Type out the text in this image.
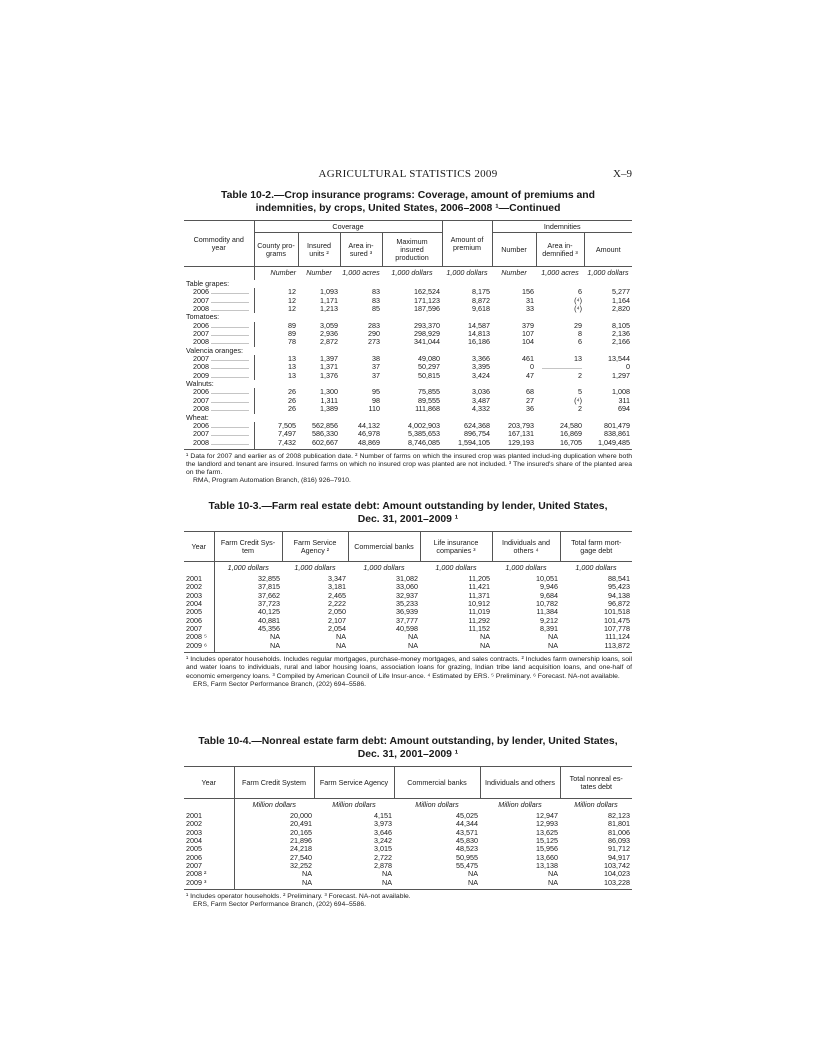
AGRICULTURAL STATISTICS 2009	X–9
Table 10-2.—Crop insurance programs: Coverage, amount of premiums and
indemnities, by crops, United States, 2006–2008 ¹—Continued
Commodity and year	Coverage				Amount of premium	Indemnities		
	County pro- grams	Insured units ²	Area in- sured ³	Maximum insured production		Number	Area in- demnified ³	Amount
	Number	Number	1,000 acres	1,000 dollars	1,000 dollars	Number	1,000 acres	1,000 dollars
Table grapes:								
2006 ...................	12	1,093	83	162,524	8,175	156	6	5,277
2007 ...................	12	1,171	83	171,123	8,872	31	(⁴)	1,164
2008 ...................	12	1,213	85	187,596	9,618	33	(⁴)	2,820
Tomatoes:								
2006 ...................	89	3,059	283	293,370	14,587	379	29	8,105
2007 ...................	89	2,936	290	298,929	14,813	107	8	2,136
2008 ...................	78	2,872	273	341,044	16,186	104	6	2,166
Valencia oranges:								
2007 ...................	13	1,397	38	49,080	3,366	461	13	13,544
2008 ...................	13	1,371	37	50,297	3,395	0	....................	0
2009 ...................	13	1,376	37	50,815	3,424	47	2	1,297
Walnuts:								
2006 ...................	26	1,300	95	75,855	3,036	68	5	1,008
2007 ...................	26	1,311	98	89,555	3,487	27	(⁴)	311
2008 ...................	26	1,389	110	111,868	4,332	36	2	694
Wheat:								
2006 ...................	7,505	562,856	44,132	4,002,903	624,368	203,793	24,580	801,479
2007 ...................	7,497	586,330	46,978	5,385,653	896,754	167,131	16,869	838,861
2008 ...................	7,432	602,667	48,869	8,746,085	1,594,105	129,193	16,705	1,049,485

¹ Data for 2007 and earlier as of 2008 publication date. ² Number of farms on which the insured crop was planted includ-ing duplication where both the landlord and tenant are insured. Insured farms on which no insured crop was planted are not included. ³ The insured's share of the planted area on the farm.

RMA, Program Automation Branch, (816) 926–7910.

Table 10-3.—Farm real estate debt: Amount outstanding by lender, United States,
Dec. 31, 2001–2009 ¹
Year	Farm Credit Sys- tem	Farm Service Agency ²	Commercial banks	Life insurance companies ³	Individuals and others ⁴	Total farm mort- gage debt
	1,000 dollars	1,000 dollars	1,000 dollars	1,000 dollars	1,000 dollars	1,000 dollars
2001	32,855	3,347	31,082	11,205	10,051	88,541
2002	37,815	3,181	33,060	11,421	9,946	95,423
2003	37,662	2,465	32,937	11,371	9,684	94,138
2004	37,723	2,222	35,233	10,912	10,782	96,872
2005	40,125	2,050	36,939	11,019	11,384	101,518
2006	40,881	2,107	37,777	11,292	9,212	101,475
2007	45,356	2,054	40,598	11,152	8,391	107,778
2008 ⁵	NA	NA	NA	NA	NA	111,124
2009 ⁶	NA	NA	NA	NA	NA	113,872

¹ Includes operator households. Includes regular mortgages, purchase-money mortgages, and sales contracts. ² Includes farm ownership loans, soil and water loans to individuals, rural and labor housing loans, association loans for grazing, Indian tribe land acquisition loans, and one-half of economic emergency loans. ³ Compiled by American Council of Life Insur-ance. ⁴ Estimated by ERS. ⁵ Preliminary. ⁶ Forecast. NA-not available.

ERS, Farm Sector Performance Branch, (202) 694–5586.

Table 10-4.—Nonreal estate farm debt: Amount outstanding, by lender, United States,
Dec. 31, 2001–2009 ¹
Year	Farm Credit System	Farm Service Agency	Commercial banks	Individuals and others	Total nonreal es- tates debt
	Million dollars	Million dollars	Million dollars	Million dollars	Million dollars
2001	20,000	4,151	45,025	12,947	82,123
2002	20,491	3,973	44,344	12,993	81,801
2003	20,165	3,646	43,571	13,625	81,006
2004	21,896	3,242	45,830	15,125	86,093
2005	24,218	3,015	48,523	15,956	91,712
2006	27,540	2,722	50,955	13,660	94,917
2007	32,252	2,878	55,475	13,138	103,742
2008 ²	NA	NA	NA	NA	104,023
2009 ³	NA	NA	NA	NA	103,228

¹ Includes operator households. ² Preliminary. ³ Forecast. NA-not available.

ERS, Farm Sector Performance Branch, (202) 694–5586.
